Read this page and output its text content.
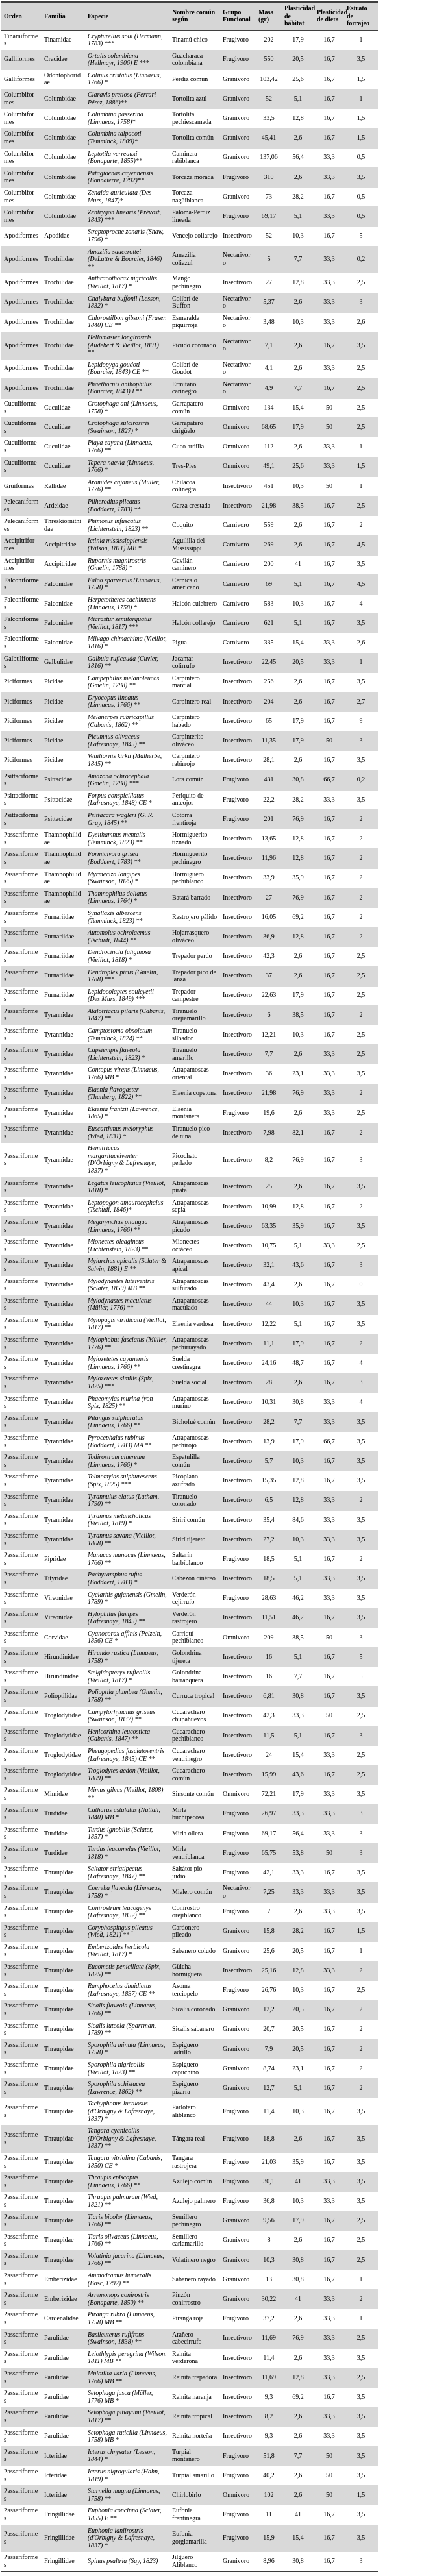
Orden	Familia	Especie	Nombre común según	Grupo Funcional	Masa (gr)	Plasticidad de hábitat	Plasticidad de dieta	Estrato de forrajeo
Tinamiformes	Tinamidae	Crypturellus soui (Hermann, 1783) ***	Tinamú chico	Frugivoro	202	17,9	16,7	1
Galliformes	Cracidae	Ortalis columbiana (Hellmayr, 1906) E ***	Guacharaca colombiana	Frugivoro	550	20,5	16,7	3,5
Galliformes	Odontophoridae	Colinus cristatus (Linnaeus, 1766) *	Perdiz común	Granivoro	103,42	25,6	16,7	1,5
Columbiformes	Columbidae	Claravis pretiosa (Ferrari-Pérez, 1886)**	Tortolita azul	Granivoro	52	5,1	16,7	1
Columbiformes	Columbidae	Columbina passerina (Linnaeus, 1758)*	Tortolita pechiescamada	Granivoro	33,5	12,8	16,7	1,5
Columbiformes	Columbidae	Columbina talpacoti (Temminck, 1809)*	Tortolita común	Granivoro	45,41	2,6	16,7	1,5
Columbiformes	Columbidae	Leptotila verreauxi (Bonaparte, 1855)**	Caminera rabiblanca	Granivoro	137,06	56,4	33,3	0,5
Columbiformes	Columbidae	Patagioenas cayennensis (Bonnaterre, 1792)**	Torcaza morada	Frugivoro	310	2,6	33,3	3,5
Columbiformes	Columbidae	Zenaida auriculata (Des Murs, 1847)*	Torcaza nagüiblanca	Granivoro	73	28,2	16,7	0,5
Columbiformes	Columbidae	Zentrygon linearis (Prévost, 1843) ***	Paloma-Perdiz lineada	Frugivoro	69,17	5,1	33,3	0,5
Apodiformes	Apodidae	Streptoprocne zonaris (Shaw, 1796) *	Vencejo collarejo	Insectivoro	52	10,3	16,7	5
Apodiformes	Trochilidae	Amazilia saucerottei (DeLattre & Bourcier, 1846) **	Amazilia coliazul	Nectarivoro	5	7,7	33,3	0,2
Apodiformes	Trochilidae	Anthracothorax nigricollis (Vieillot, 1817) *	Mango pechinegro	Insectivoro	27	12,8	33,3	2,5
Apodiformes	Trochilidae	Chalybura buffonii (Lesson, 1832) *	Colibrí de Buffon	Nectarivoro	5,37	2,6	33,3	3
Apodiformes	Trochilidae	Chlorostilbon gibsoni (Fraser, 1840) CE **	Esmeralda piquirroja	Nectarivoro	3,48	10,3	33,3	2,6
Apodiformes	Trochilidae	Heliomaster longirostris (Audebert & Vieillot, 1801) **	Picudo coronado	Nectarivoro	7,1	2,6	16,7	3,5
Apodiformes	Trochilidae	Lepidopyga goudoti (Bourcier, 1843) CE **	Colibrí de Goudot	Nectarivoro	4,1	2,6	33,3	2,5
Apodiformes	Trochilidae	Phaethornis anthophilus (Bourcier, 1843) I **	Ermitaño carinegro	Nectarivoro	4,9	7,7	16,7	2,5
Cuculiformes	Cuculidae	Crotophaga ani (Linnaeus, 1758) *	Garrapatero común	Omnivoro	134	15,4	50	2,5
Cuculiformes	Cuculidae	Crotophaga sulcirostris (Swainson, 1827) *	Garrapatero cirigüelo	Omnivoro	68,65	17,9	50	2,5
Cuculiformes	Cuculidae	Piaya cayana (Linnaeus, 1766) **	Cuco ardilla	Omnivoro	112	2,6	33,3	1
Cuculiformes	Cuculidae	Tapera naevia (Linnaeus, 1766) *	Tres-Pies	Omnivoro	49,1	25,6	33,3	1,5
Gruiformes	Rallidae	Aramides cajaneus (Müller, 1776) **	Chilacoa colinegra	Insectivoro	451	10,3	50	1
Pelecaniformes	Ardeidae	Pilherodius pileatus (Boddaert, 1783) **	Garza crestada	Insectivoro	21,98	38,5	16,7	2,5
Pelecaniformes	Threskiornithidae	Phimosus infuscatus (Lichtenstein, 1823) **	Coquito	Carnivoro	559	2,6	16,7	2
Accipitriformes	Accipitridae	Ictinia mississippiensis (Wilson, 1811) MB *	Aguililla del Mississippi	Carnivoro	269	2,6	16,7	4,5
Accipitriformes	Accipitridae	Rupornis magnirostris (Gmelin, 1788) *	Gavilán caminero	Carnivoro	200	41	16,7	3,5
Falconiformes	Falconidae	Falco sparverius (Linnaeus, 1758) *	Cernicalo americano	Carnivoro	69	5,1	16,7	4,5
Falconiformes	Falconidae	Herpetotheres cachinnans (Linnaeus, 1758) *	Halcón culebrero	Carnivoro	583	10,3	16,7	4
Falconiformes	Falconidae	Micrastur semitorquatus (Vieillot, 1817) ***	Halcón collarejo	Carnivoro	621	5,1	16,7	3,5
Falconiformes	Falconidae	Milvago chimachima (Vieillot, 1816) *	Pigua	Carnivoro	335	15,4	33,3	2,6
Galbuliformes	Galbulidae	Galbula ruficauda (Cuvier, 1816) **	Jacamar colirrufo	Insectivoro	22,45	20,5	33,3	1
Piciformes	Picidae	Campephilus melanoleucos (Gmelin, 1788) **	Carpintero marcial	Insectivoro	256	2,6	16,7	3,5
Piciformes	Picidae	Dryocopus lineatus (Linnaeus, 1766) **	Carpintero real	Insectivoro	204	2,6	16,7	2,7
Piciformes	Picidae	Melanerpes rubricapillus (Cabanis, 1862) **	Carpintero habado	Insectivoro	65	17,9	16,7	9
Piciformes	Picidae	Picumnus olivaceus (Lafresnaye, 1845) **	Carpinterito oliváceo	Insectivoro	11,35	17,9	50	3
Piciformes	Picidae	Veniliornis kirkii (Malherbe, 1845) **	Carpintero rabirrojo	Insectivoro	28,1	2,6	16,7	3,5
Psittaciformes	Psittacidae	Amazona ochrocephala (Gmelin, 1788) ***	Lora común	Frugivoro	431	30,8	66,7	0,2
Psittaciformes	Psittacidae	Forpus conspicillatus (Lafresnaye, 1848) CE *	Periquito de anteojos	Frugivoro	22,2	28,2	33,3	3,5
Psittaciformes	Psittacidae	Psittacara wagleri (G. R. Gray, 1845) **	Cotorra frentiroja	Frugivoro	201	76,9	16,7	2
Passeriformes	Thamnophilidae	Dysithamnus mentalis (Temminck, 1823) **	Hormiguerito tiznado	Insectivoro	13,65	12,8	16,7	2
Passeriformes	Thamnophilidae	Formicivora grisea (Boddaert, 1783) **	Hormiguerito pechinegro	Insectivoro	11,96	12,8	16,7	2
Passeriformes	Thamnophilidae	Myrmeciza longipes (Swainson, 1825) *	Hormiguero pechiblanco	Insectivoro	33,9	35,9	16,7	2
Passeriformes	Thamnophilidae	Thamnophilus doliatus (Linnaeus, 1764) *	Batará barrado	Insectivoro	27	76,9	16,7	2
Passeriformes	Furnariidae	Synallaxis albescens (Temminck, 1823) **	Rastrojero pálido	Insectivoro	16,05	69,2	16,7	2
Passeriformes	Furnariidae	Automolus ochrolaemus (Tschudi, 1844) **	Hojarrasquero oliváceo	Insectivoro	36,9	12,8	16,7	2
Passeriformes	Furnariidae	Dendrocincla fuliginosa (Vieillot, 1818) *	Trepador pardo	Insectivoro	42,3	2,6	16,7	2,5
Passeriformes	Furnariidae	Dendroplex picus (Gmelin, 1788) ***	Trepador pico de lanza	Insectivoro	37	2,6	16,7	2,5
Passeriformes	Furnariidae	Lepidocolaptes souleyetii (Des Murs, 1849) ***	Trepador campestre	Insectivoro	22,63	17,9	16,7	2,5
Passeriformes	Tyrannidae	Atalotriccus pilaris (Cabanis, 1847) **	Tiranuelo orejiamarillo	Insectivoro	6	38,5	16,7	2
Passeriformes	Tyrannidae	Camptostoma obsoletum (Temminck, 1824) **	Tiranuelo silbador	Insectivoro	12,21	10,3	16,7	2,5
Passeriformes	Tyrannidae	Capsiempis flaveola (Lichtenstein, 1823) *	Tiranuelo amarillo	Insectivoro	7,7	2,6	33,3	2,5
Passeriformes	Tyrannidae	Contopus virens (Linnaeus, 1766) MB *	Atrapamoscas oriental	Insectivoro	36	23,1	33,3	3,5
Passeriformes	Tyrannidae	Elaenia flavogaster (Thunberg, 1822) **	Elaenia copetona	Insectivoro	21,98	76,9	33,3	2
Passeriformes	Tyrannidae	Elaenia frantzii (Lawrence, 1865) *	Elaenia montañera	Frugivoro	19,6	2,6	33,3	2,5
Passeriformes	Tyrannidae	Euscarthmus meloryphus (Wied, 1831) *	Tiranuelo pico de tuna	Insectivoro	7,98	82,1	16,7	2
Passeriformes	Tyrannidae	Hemitriccus margaritaceiventer (D'Orbigny & Lafresnaye, 1837) *	Picochato perlado	Insectivoro	8,2	76,9	16,7	3
Passeriformes	Tyrannidae	Legatus leucophaius (Vieillot, 1818) *	Atrapamoscas pirata	Insectivoro	25	2,6	16,7	3,5
Passeriformes	Tyrannidae	Leptopogon amaurocephalus (Tschudi, 1846)*	Atrapamoscas sepia	Insectivoro	10,99	12,8	16,7	2
Passeriformes	Tyrannidae	Megarynchus pitangua (Linnaeus, 1766) **	Atrapamoscas picudo	Insectivoro	63,35	35,9	16,7	3,5
Passeriformes	Tyrannidae	Mionectes oleagineus (Lichtenstein, 1823) **	Mionectes ocráceo	Insectivoro	10,75	5,1	33,3	2,5
Passeriformes	Tyrannidae	Myiarchus apicalis (Sclater & Salvin, 1881) E **	Atrapamoscas apical	Insectivoro	32,1	43,6	16,7	3
Passeriformes	Tyrannidae	Myiodynastes luteiventris (Sclater, 1859) MB **	Atrapamoscas sulfurado	Insectivoro	43,4	2,6	16,7	0
Passeriformes	Tyrannidae	Myiodynastes maculatus (Müller, 1776) **	Atrapamoscas maculado	Insectivoro	44	10,3	16,7	3,5
Passeriformes	Tyrannidae	Myiopagis viridicata (Vieillot, 1817) **	Elaenia verdosa	Insectivoro	12,22	5,1	16,7	3,5
Passeriformes	Tyrannidae	Myiophobus fasciatus (Müller, 1776) **	Atrapamoscas pechirrayado	Insectivoro	11,1	17,9	16,7	2
Passeriformes	Tyrannidae	Myiozetetes cayanensis (Linnaeus, 1766) **	Suelda crestinegra	Insectivoro	24,16	48,7	16,7	4
Passeriformes	Tyrannidae	Myiozetetes similis (Spix, 1825) ***	Suelda social	Insectivoro	28	2,6	16,7	3
Passeriformes	Tyrannidae	Phaeomyias murina (von Spix, 1825) **	Atrapamoscas murino	Insectivoro	10,31	30,8	33,3	4
Passeriformes	Tyrannidae	Pitangus sulphuratus (Linnaeus, 1766) **	Bichofué común	Insectivoro	28,2	7,7	33,3	3,5
Passeriformes	Tyrannidae	Pyrocephalus rubinus (Boddaert, 1783) MA **	Atrapamoscas pechirojo	Insectivoro	13,9	17,9	66,7	3,5
Passeriformes	Tyrannidae	Todirostrum cinereum (Linnaeus, 1766) *	Espatulilla común	Insectivoro	5,7	10,3	16,7	3,5
Passeriformes	Tyrannidae	Tolmomyias sulphurescens (Spix, 1825) ***	Picoplano azufrado	Insectivoro	15,35	12,8	16,7	3,5
Passeriformes	Tyrannidae	Tyrannulus elatus (Latham, 1790) **	Tiranuelo coronado	Insectivoro	6,5	12,8	33,3	2
Passeriformes	Tyrannidae	Tyrannus melancholicus (Vieillot, 1819) *	Sirirí común	Insectivoro	35,4	84,6	33,3	3,5
Passeriformes	Tyrannidae	Tyrannus savana (Vieillot, 1808) **	Sirirí tijereto	Insectivoro	27,2	10,3	33,3	3,5
Passeriformes	Pipridae	Manacus manacus (Linnaeus, 1766) **	Saltarín barbiblanco	Frugivoro	18,5	5,1	16,7	2
Passeriformes	Tityridae	Pachyramphus rufus (Boddaert, 1783) *	Cabezón cinéreo	Insectivoro	18,5	5,1	33,3	3,5
Passeriformes	Vireonidae	Cyclarhis gujanensis (Gmelin, 1789) *	Verderón cejirrufo	Frugivoro	28,63	46,2	33,3	3,5
Passeriformes	Vireonidae	Hylophilus flavipes (Lafresnaye, 1845) **	Verderón rastrojero	Insectivoro	11,51	46,2	16,7	3,5
Passeriformes	Corvidae	Cyanocorax affinis (Pelzeln, 1856) CE *	Carriquí pechiblanco	Omnivoro	209	38,5	50	3
Passeriformes	Hirundinidae	Hirundo rustica (Linnaeus, 1758) *	Golondrina tijereta	Insectivoro	16	5,1	16,7	5
Passeriformes	Hirundinidae	Stelgidopteryx ruficollis (Vieillot, 1817) *	Golondrina barranquera	Insectivoro	16	7,7	16,7	5
Passeriformes	Polioptilidae	Polioptila plumbea (Gmelin, 1788) **	Curruca tropical	Insectivoro	6,81	30,8	16,7	3,5
Passeriformes	Troglodytidae	Campylorhynchus griseus (Swainson, 1837) **	Cucarachero chupahuevos	Insectivoro	42,3	33,3	50	2,5
Passeriformes	Troglodytidae	Henicorhina leucosticta (Cabanis, 1847) **	Cucarachero pechiblanco	Insectivoro	11,5	5,1	16,7	3
Passeriformes	Troglodytidae	Pheugopedius fasciatoventris (Lafresnaye, 1845) CE **	Cucarachero ventrinegro	Insectivoro	24	15,4	33,3	2,5
Passeriformes	Troglodytidae	Troglodytes aedon (Vieillot, 1809) **	Cucarachero común	Insectivoro	15,99	43,6	16,7	2,5
Passeriformes	Mimidae	Mimus gilvus (Vieillot, 1808) **	Sinsonte común	Omnivoro	72,21	17,9	33,3	3,5
Passeriformes	Turdidae	Catharus ustulatus (Nuttall, 1840) MB *	Mirla buchipecosa	Frugivoro	26,97	33,3	33,3	3
Passeriformes	Turdidae	Turdus ignobilis (Sclater, 1857) *	Mirla ollera	Frugivoro	69,17	56,4	33,3	3
Passeriformes	Turdidae	Turdus leucomelas (Vieillot, 1818) *	Mirla ventriblanca	Frugivoro	65,75	53,8	50	3
Passeriformes	Thraupidae	Saltator striatipectus (Lafresnaye, 1847) **	Saltátor pio-judio	Frugivoro	42,1	33,3	16,7	3,5
Passeriformes	Thraupidae	Coereba flaveola (Linnaeus, 1758) *	Mielero común	Nectarivoro	7,25	33,3	33,3	3,5
Passeriformes	Thraupidae	Conirostrum leucogenys (Lafresnaye, 1852) **	Conirostro orejiblanco	Frugivoro	7	2,6	33,3	3,5
Passeriformes	Thraupidae	Coryphospingus pileatus (Wied, 1821) **	Cardonero pileado	Granivoro	15,8	28,2	16,7	1,5
Passeriformes	Thraupidae	Emberizoides herbicola (Vieillot, 1817) *	Sabanero coludo	Granivoro	25,6	20,5	16,7	1
Passeriformes	Thraupidae	Eucometis penicillata (Spix, 1825) **	Güicha hormiguera	Insectivoro	25,16	12,8	33,3	2
Passeriformes	Thraupidae	Ramphocelus dimidiatus (Lafresnaye, 1837) CE **	Asoma terciopelo	Frugivoro	26,76	10,3	16,7	2,5
Passeriformes	Thraupidae	Sicalis flaveola (Linnaeus, 1766) **	Sicalis coronado	Granivoro	12,2	20,5	16,7	2
Passeriformes	Thraupidae	Sicalis luteola (Sparrman, 1789) **	Sicalis sabanero	Granivoro	20,7	20,5	16,7	2
Passeriformes	Thraupidae	Sporophila minuta (Linnaeus, 1758) *	Espiguero ladrillo	Granivoro	7,9	20,5	16,7	2
Passeriformes	Thraupidae	Sporophila nigricollis (Vieillot, 1823) **	Espiguero capuchino	Granivoro	8,74	23,1	16,7	2
Passeriformes	Thraupidae	Sporophila schistacea (Lawrence, 1862) **	Espiguero pizarra	Granivoro	12,7	5,1	16,7	2
Passeriformes	Thraupidae	Tachyphonus luctuosus (d'Orbigny & Lafresnaye, 1837) *	Parlotero aliblanco	Frugivoro	11,4	10,3	16,7	3,5
Passeriformes	Thraupidae	Tangara cyanicollis (D'Orbigny & Lafresnaye, 1837) **	Tángara real	Frugivoro	18,8	2,6	16,7	3,5
Passeriformes	Thraupidae	Tangara vitriolina (Cabanis, 1850) CE *	Tangara rastrojera	Frugivoro	21,03	35,9	16,7	3,5
Passeriformes	Thraupidae	Thraupis episcopus (Linnaeus, 1766) **	Azulejo común	Frugivoro	30,1	41	33,3	3,5
Passeriformes	Thraupidae	Thraupis palmarum (Wied, 1821) **	Azulejo palmero	Frugivoro	36,8	10,3	33,3	3,5
Passeriformes	Thraupidae	Tiaris bicolor (Linnaeus, 1766) **	Semillero pechinegro	Granivoro	9,56	17,9	16,7	2,5
Passeriformes	Thraupidae	Tiaris olivaceus (Linnaeus, 1766) **	Semillero cariamarillo	Granivoro	8	2,6	16,7	2,5
Passeriformes	Thraupidae	Volatinia jacarina (Linnaeus, 1766) **	Volatinero negro	Granivoro	10,3	30,8	16,7	2,5
Passeriformes	Emberizidae	Ammodramus humeralis (Bosc, 1792) **	Sabanero rayado	Granivoro	13	30,8	16,7	1
Passeriformes	Emberizidae	Arremonops conirostris (Bonaparte, 1850) **	Pinzón conirrostro	Granivoro	30,22	41	33,3	2
Passeriformes	Cardenalidae	Piranga rubra (Linnaeus, 1758) MB **	Piranga roja	Frugivoro	37,2	2,6	33,3	1
Passeriformes	Parulidae	Basileuterus rufifrons (Swainson, 1838) **	Arañero cabecirrufo	Insectivoro	11,69	76,9	33,3	2,5
Passeriformes	Parulidae	Leiothlypis peregrina (Wilson, 1811) MB **	Reinita verderona	Insectivoro	11,4	2,6	33,3	3,5
Passeriformes	Parulidae	Mniotilta varia (Linnaeus, 1766) MB **	Reinita trepadora	Insectivoro	11,69	12,8	33,3	2,5
Passeriformes	Parulidae	Setophaga fusca (Müller, 1776) MB *	Reinita naranja	Insectivoro	9,3	69,2	16,7	3,5
Passeriformes	Parulidae	Setophaga pitiayumi (Vieillot, 1817) **	Reinita tropical	Insectivoro	8,2	2,6	33,3	3,5
Passeriformes	Parulidae	Setophaga ruticilla (Linnaeus, 1758) MB *	Reinita norteña	Insectivoro	9,3	2,6	33,3	3,5
Passeriformes	Icteridae	Icterus chrysater (Lesson, 1844) *	Turpial montañero	Frugivoro	51,8	7,7	50	3,5
Passeriformes	Icteridae	Icterus nigrogularis (Hahn, 1819) *	Turpial amarillo	Frugivoro	40,2	2,6	50	3,5
Passeriformes	Icteridae	Sturnella magna (Linnaeus, 1758) **	Chirlobirlo	Omnivoro	102	2,6	50	1,5
Passeriformes	Fringillidae	Euphonia concinna (Sclater, 1855) E **	Eufonia frentinegra	Frugivoro	11	41	16,7	3,5
Passeriformes	Fringillidae	Euphonia laniirostris (d'Orbigny & Lafresnaye, 1837) *	Eufonia gorgiamarilla	Frugivoro	15,9	15,4	16,7	3,5
Passeriformes	Fringillidae	Spinus psaltria (Say, 1823)	Jilguero Aliblanco	Granivoro	8,96	30,8	16,7	3
